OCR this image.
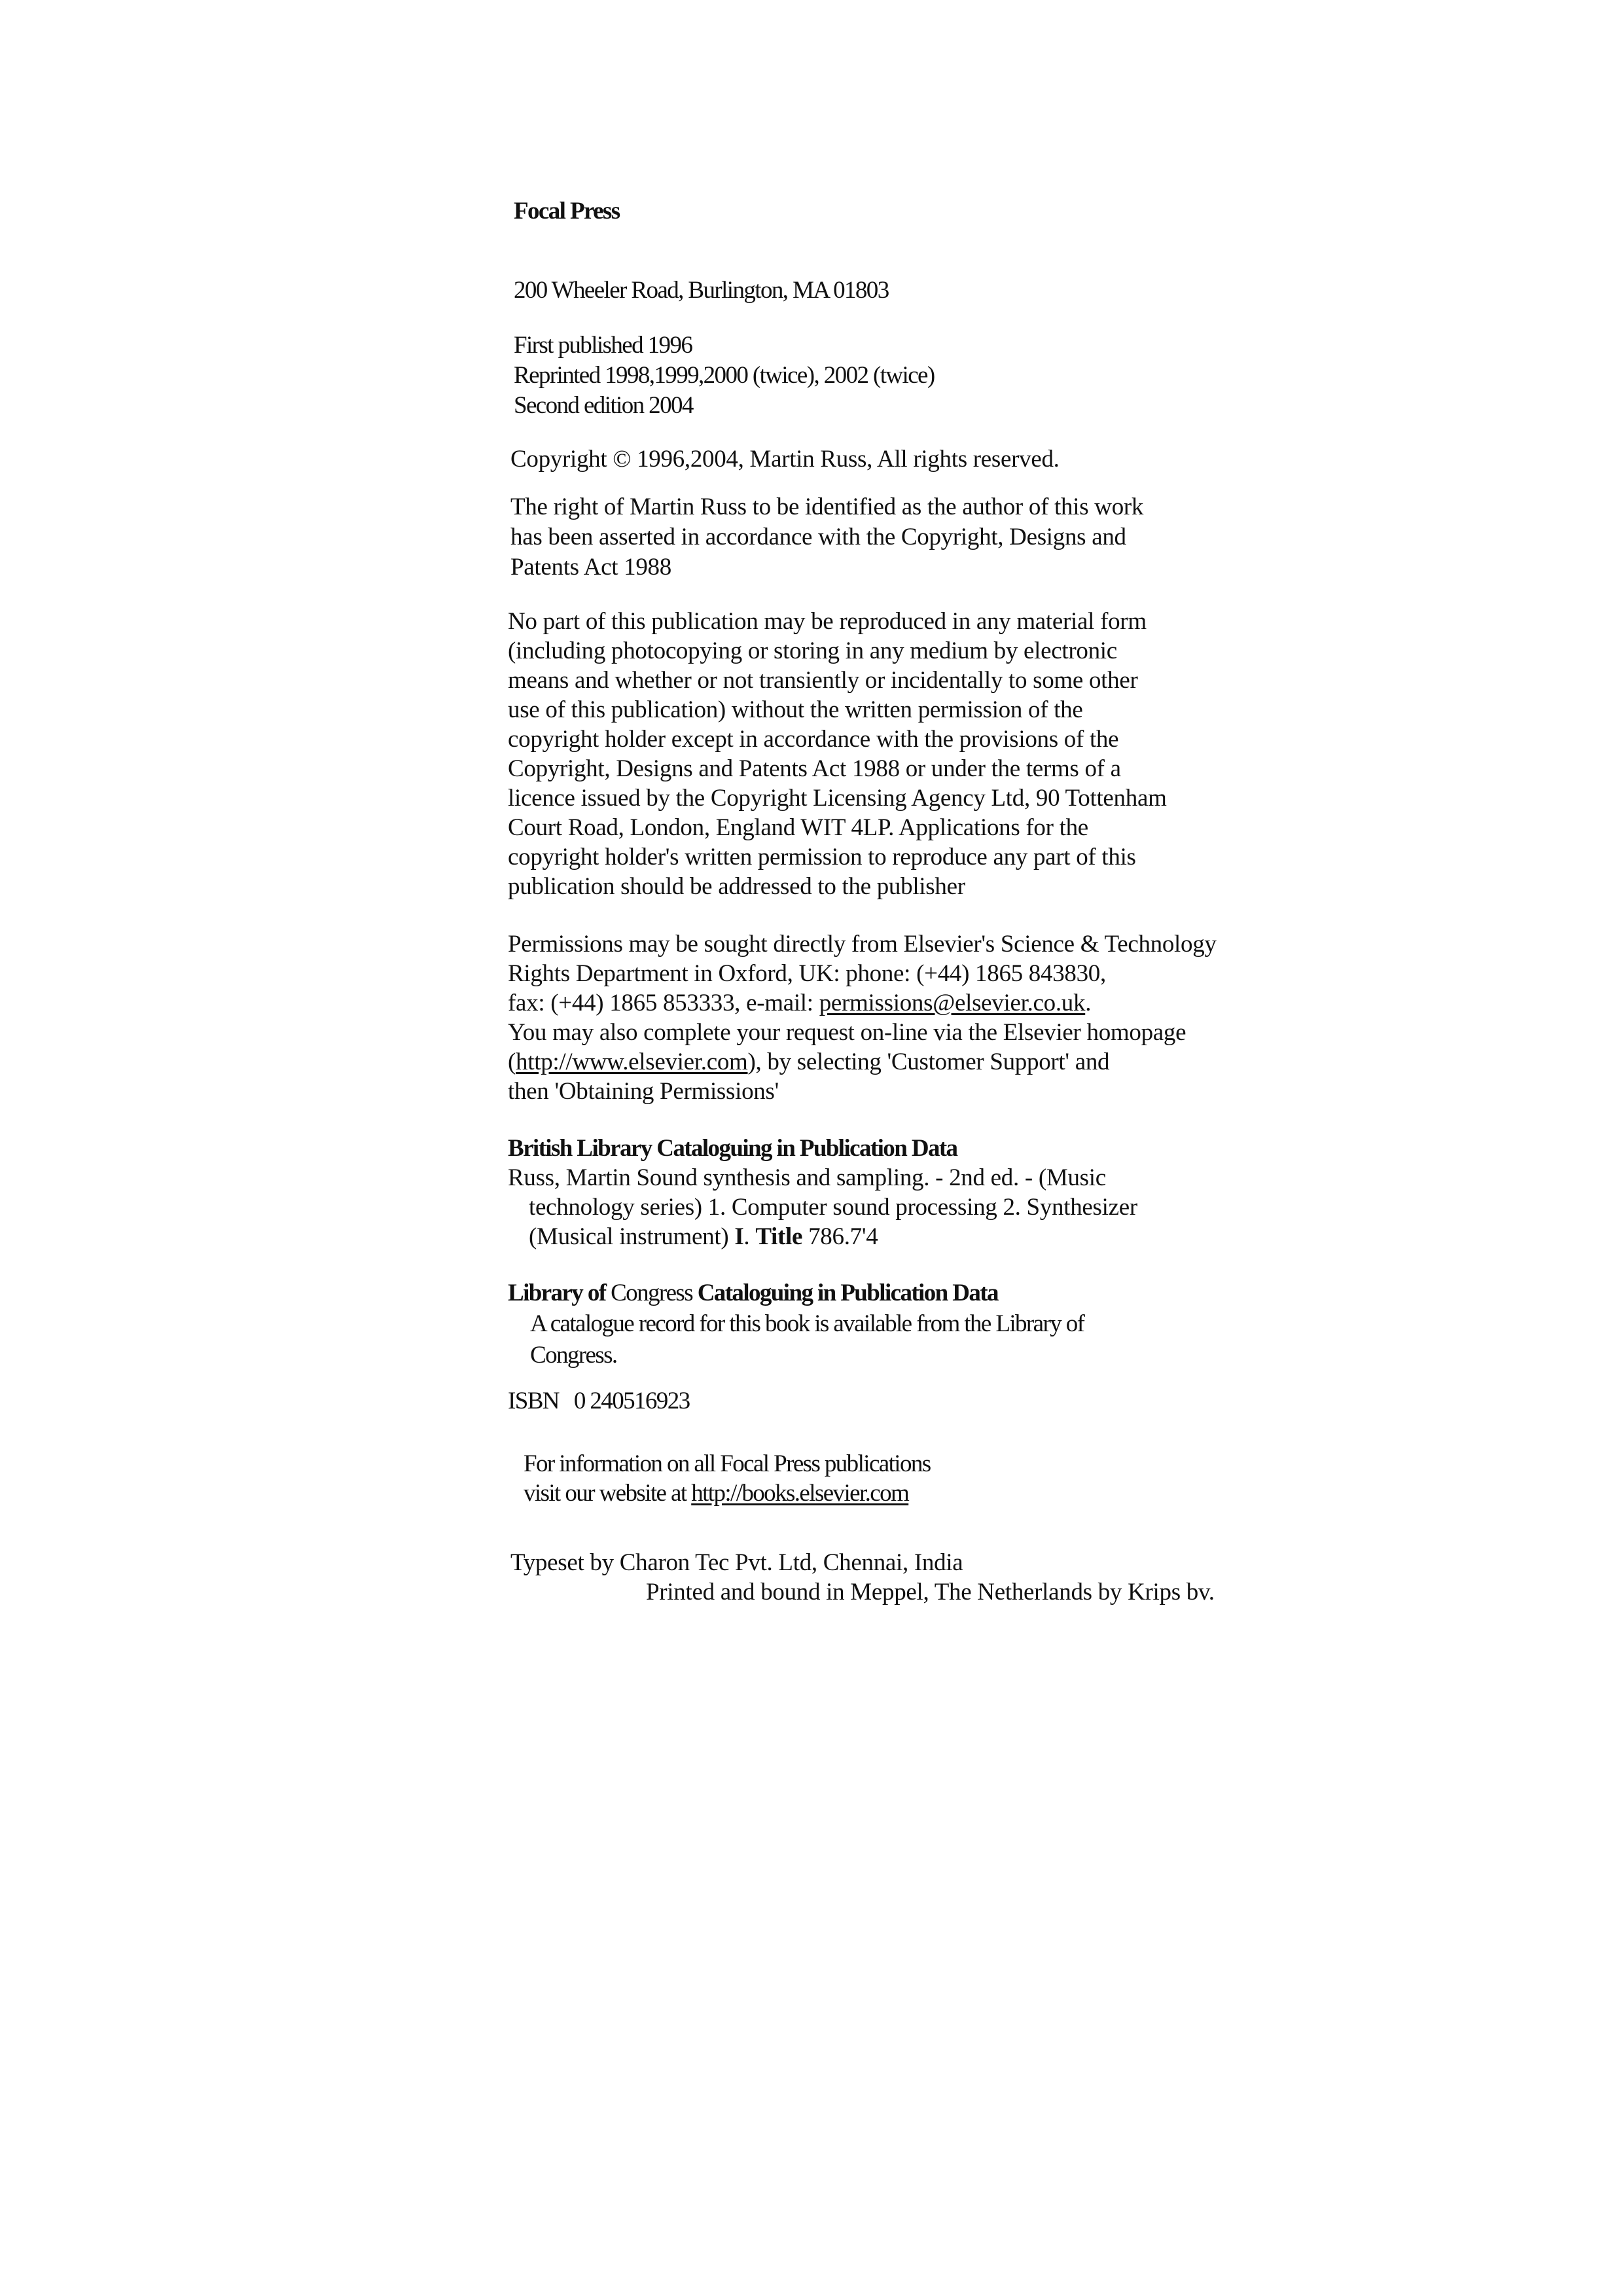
Focal Press
200 Wheeler Road, Burlington, MA 01803
First published 1996
Reprinted 1998,1999,2000 (twice), 2002 (twice)
Second edition 2004
Copyright © 1996,2004, Martin Russ, All rights reserved.
The right of Martin Russ to be identified as the author of this work
has been asserted in accordance with the Copyright, Designs and
Patents Act 1988
No part of this publication may be reproduced in any material form
(including photocopying or storing in any medium by electronic
means and whether or not transiently or incidentally to some other
use of this publication) without the written permission of the
copyright holder except in accordance with the provisions of the
Copyright, Designs and Patents Act 1988 or under the terms of a
licence issued by the Copyright Licensing Agency Ltd, 90 Tottenham
Court Road, London, England WIT 4LP. Applications for the
copyright holder's written permission to reproduce any part of this
publication should be addressed to the publisher
Permissions may be sought directly from Elsevier's Science & Technology
Rights Department in Oxford, UK: phone: (+44) 1865 843830,
fax: (+44) 1865 853333, e-mail: permissions@elsevier.co.uk.
You may also complete your request on-line via the Elsevier homopage
(http://www.elsevier.com), by selecting 'Customer Support' and
then 'Obtaining Permissions'
British Library Cataloguing in Publication Data
Russ, Martin Sound synthesis and sampling. - 2nd ed. - (Music
technology series) 1. Computer sound processing 2. Synthesizer
(Musical instrument) I. Title 786.7'4
Library of Congress Cataloguing in Publication Data
A catalogue record for this book is available from the Library of
Congress.
ISBN 0 240516923
For information on all Focal Press publications
visit our website at http://books.elsevier.com
Typeset by Charon Tec Pvt. Ltd, Chennai, India
Printed and bound in Meppel, The Netherlands by Krips bv.
